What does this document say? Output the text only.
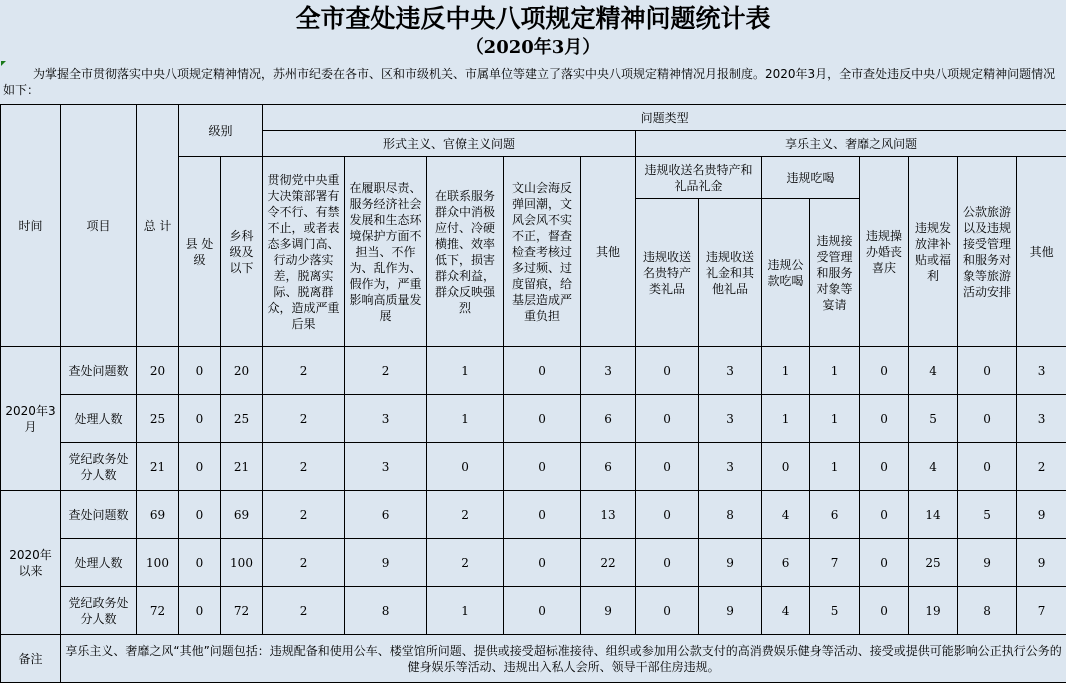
全市查处违反中央八项规定精神问题统计表
（2020年3月）
为掌握全市贯彻落实中央八项规定精神情况，苏州市纪委在各市、区和市级机关、市属单位等建立了落实中央八项规定精神情况月报制度。2020年3月，全市查处违反中央八项规定精神问题情况如下：
时间	项目	总 计	级别		问题类型												
					形式主义、官僚主义问题					享乐主义、奢靡之风问题							
			县 处级	乡科级及以下	贯彻党中央重大决策部署有令不行、有禁不止，或者表态多调门高、行动少落实差，脱离实际、脱离群众，造成严重后果	在履职尽责、服务经济社会发展和生态环境保护方面不担当、不作为、乱作为、假作为，严重影响高质量发展	在联系服务群众中消极应付、冷硬横推、效率低下，损害群众利益，群众反映强烈	文山会海反弹回潮，文风会风不实不正，督查检查考核过多过频、过度留痕，给基层造成严重负担	其他	违规收送名贵特产和礼品礼金		违规吃喝		违规操办婚丧喜庆	违规发放津补贴或福利	公款旅游以及违规接受管理和服务对象等旅游活动安排	其他
										违规收送名贵特产类礼品	违规收送礼金和其他礼品	违规公款吃喝	违规接受管理和服务对象等宴请				
2020年3月	查处问题数	20	0	20	2	2	1	0	3	0	3	1	1	0	4	0	3
	处理人数	25	0	25	2	3	1	0	6	0	3	1	1	0	5	0	3
	党纪政务处分人数	21	0	21	2	3	0	0	6	0	3	0	1	0	4	0	2
2020年以来	查处问题数	69	0	69	2	6	2	0	13	0	8	4	6	0	14	5	9
	处理人数	100	0	100	2	9	2	0	22	0	9	6	7	0	25	9	9
	党纪政务处分人数	72	0	72	2	8	1	0	9	0	9	4	5	0	19	8	7
备注	享乐主义、奢靡之风“其他”问题包括：违规配备和使用公车、楼堂馆所问题、提供或接受超标准接待、组织或参加用公款支付的高消费娱乐健身等活动、接受或提供可能影响公正执行公务的健身娱乐等活动、违规出入私人会所、领导干部住房违规。																
